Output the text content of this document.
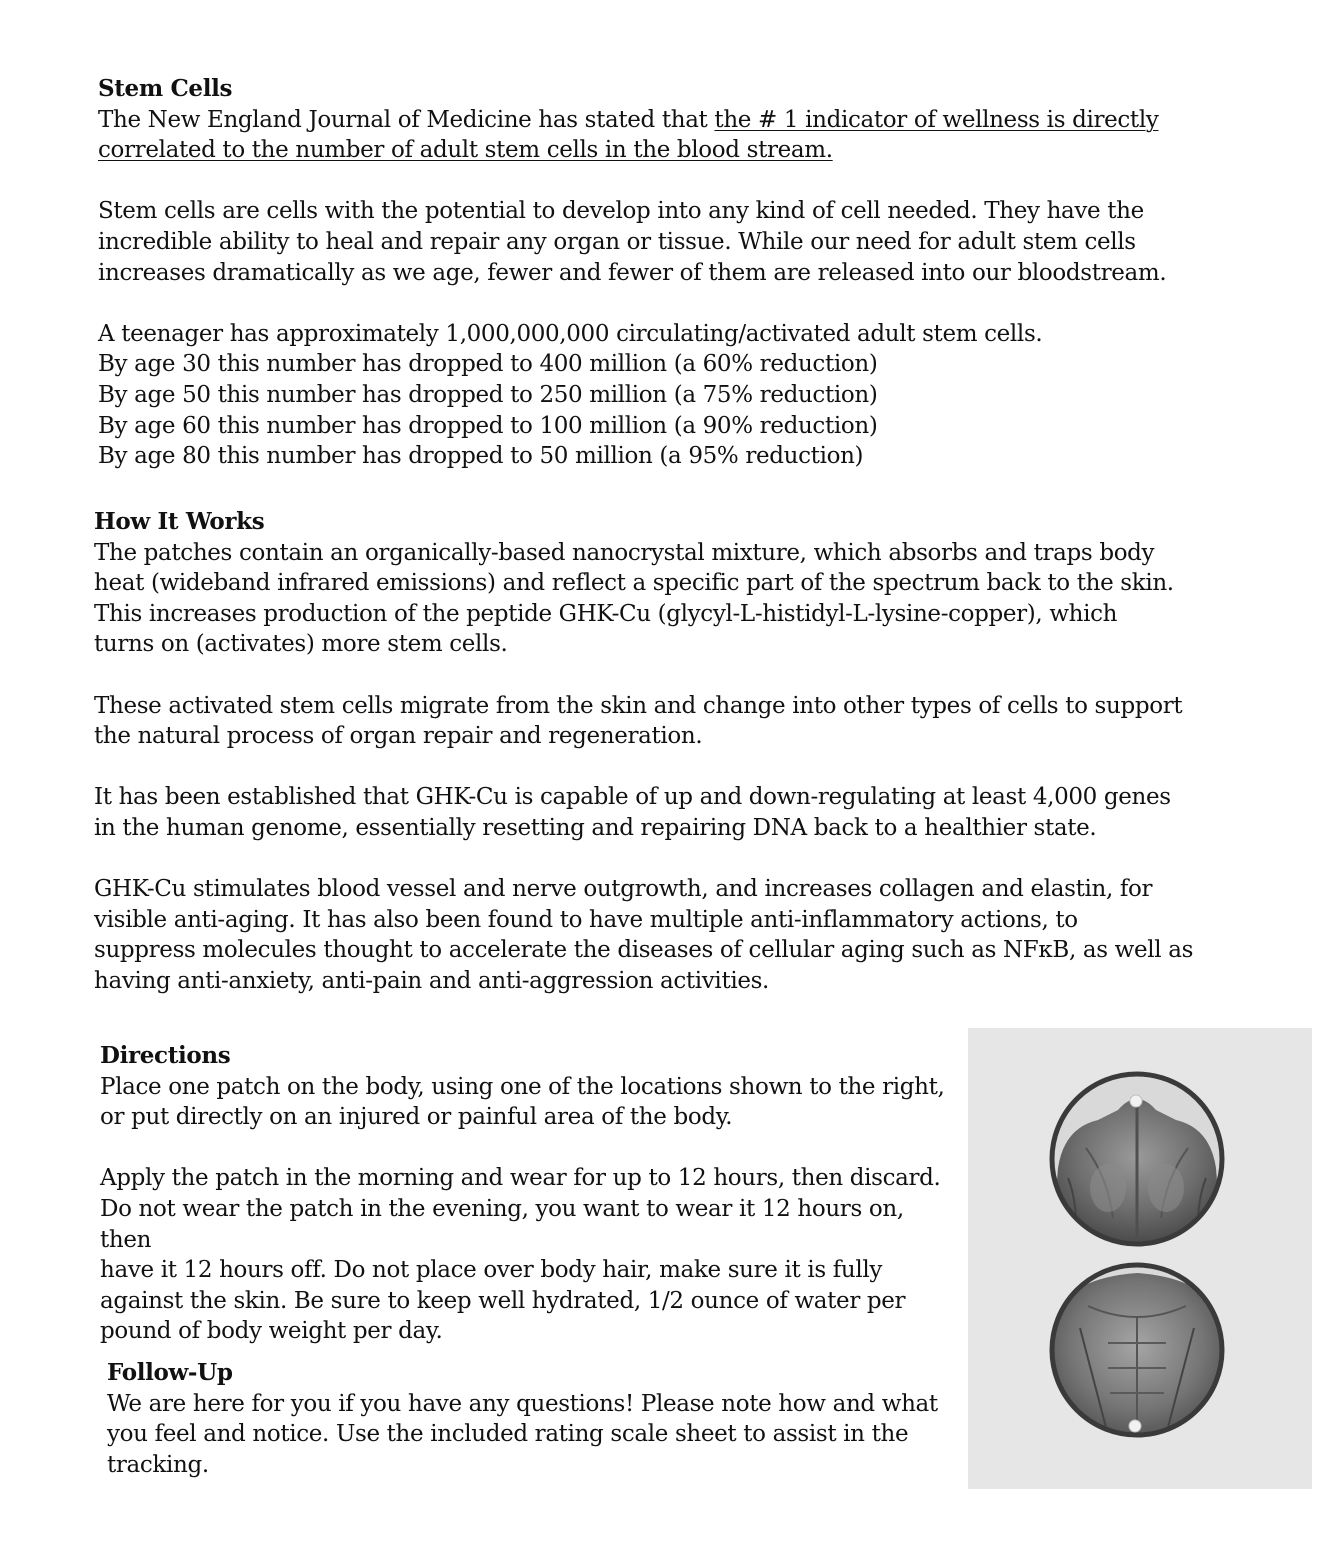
Stem Cells

The New England Journal of Medicine has stated that the # 1 indicator of wellness is directly

correlated to the number of adult stem cells in the blood stream.

Stem cells are cells with the potential to develop into any kind of cell needed. They have the

incredible ability to heal and repair any organ or tissue. While our need for adult stem cells

increases dramatically as we age, fewer and fewer of them are released into our bloodstream.

A teenager has approximately 1,000,000,000 circulating/activated adult stem cells.

By age 30 this number has dropped to 400 million (a 60% reduction)

By age 50 this number has dropped to 250 million (a 75% reduction)

By age 60 this number has dropped to 100 million (a 90% reduction)

By age 80 this number has dropped to 50 million (a 95% reduction)

How It Works

The patches contain an organically-based nanocrystal mixture, which absorbs and traps body

heat (wideband infrared emissions) and reflect a specific part of the spectrum back to the skin.

This increases production of the peptide GHK-Cu (glycyl-L-histidyl-L-lysine-copper), which

turns on (activates) more stem cells.

These activated stem cells migrate from the skin and change into other types of cells to support

the natural process of organ repair and regeneration.

It has been established that GHK-Cu is capable of up and down-regulating at least 4,000 genes

in the human genome, essentially resetting and repairing DNA back to a healthier state.

GHK-Cu stimulates blood vessel and nerve outgrowth, and increases collagen and elastin, for

visible anti-aging. It has also been found to have multiple anti-inflammatory actions, to

suppress molecules thought to accelerate the diseases of cellular aging such as NFκB, as well as

having anti-anxiety, anti-pain and anti-aggression activities.

Directions

Place one patch on the body, using one of the locations shown to the right,

or put directly on an injured or painful area of the body.

Apply the patch in the morning and wear for up to 12 hours, then discard.

Do not wear the patch in the evening, you want to wear it 12 hours on, then

have it 12 hours off. Do not place over body hair, make sure it is fully

against the skin. Be sure to keep well hydrated, 1/2 ounce of water per

pound of body weight per day.

Follow-Up

We are here for you if you have any questions! Please note how and what

you feel and notice. Use the included rating scale sheet to assist in the

tracking.
